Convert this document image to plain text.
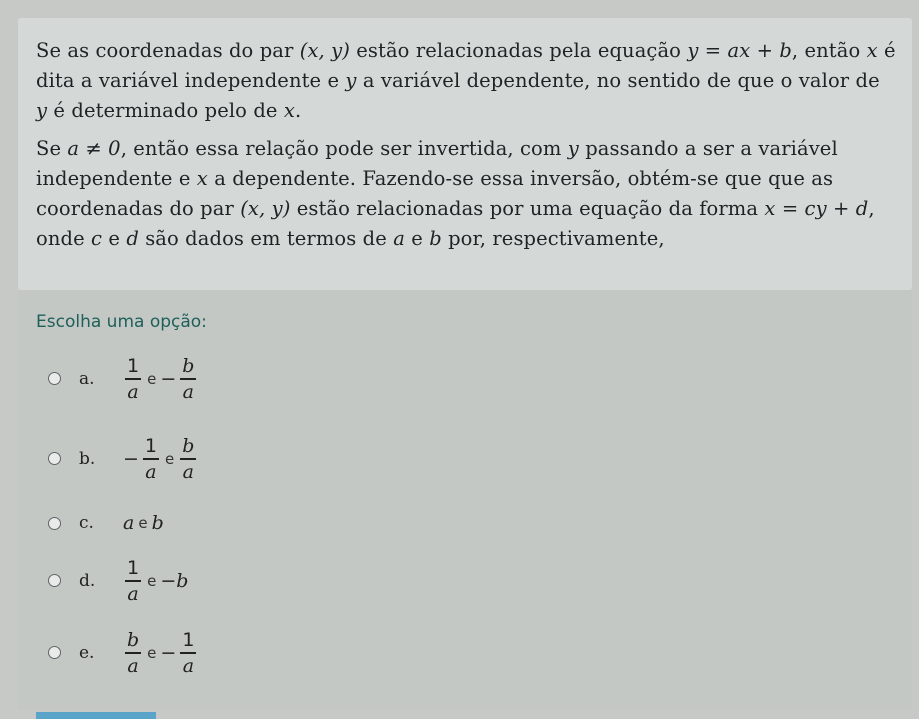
Se as coordenadas do par (x, y) estão relacionadas pela equação y = ax + b, então x é dita a variável independente e y a variável dependente, no sentido de que o valor de y é determinado pelo de x.

Se a ≠ 0, então essa relação pode ser invertida, com y passando a ser a variável independente e x a dependente. Fazendo-se essa inversão, obtém-se que que as coordenadas do par (x, y) estão relacionadas por uma equação da forma x = cy + d, onde c e d são dados em termos de a e b por, respectivamente,

Escolha uma opção:
a.	$\frac{1}{a}$ $e - \frac{b}{a}$
b.	− $\frac{1}{a}$ e $\frac{b}{a}$
c.	a e b
d.	$\frac{1}{a}$ e −b
e.	$\frac{b}{a}$ $e - \frac{1}{a}$
